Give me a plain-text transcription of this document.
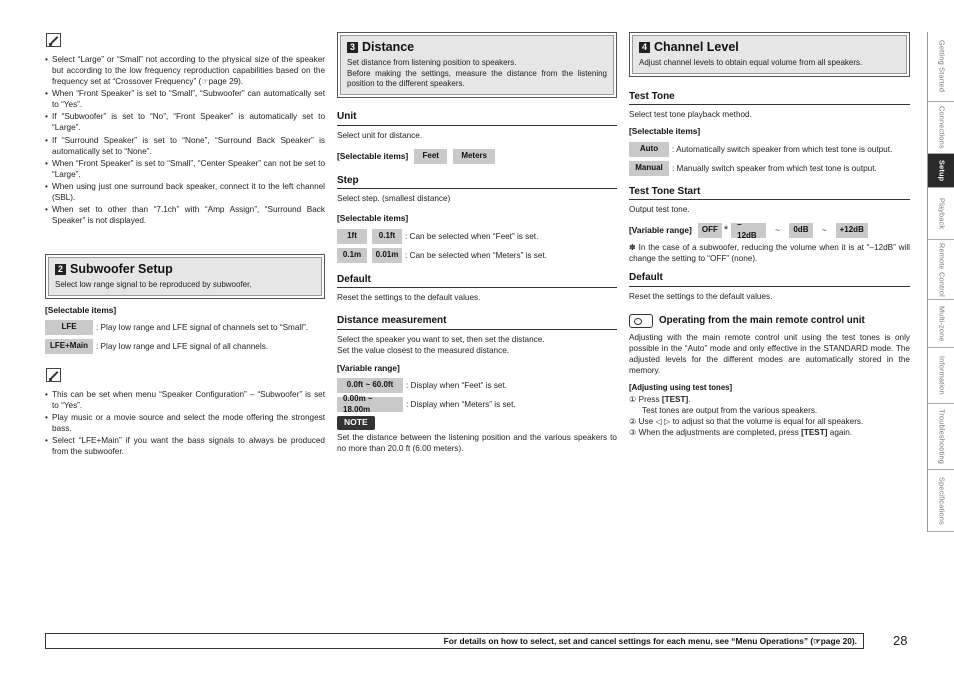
• Select “Large” or “Small” not according to the physical size of the speaker but according to the low frequency reproduction capabilities based on the frequency set at “Crossover Frequency” (☞page 29).
• When “Front Speaker” is set to “Small”, “Subwoofer” can automatically set to “Yes”.
• If “Subwoofer” is set to “No”, “Front Speaker” is automatically set to “Large”.
• If “Surround Speaker” is set to “None”, “Surround Back Speaker” is automatically set to “None”.
• When “Front Speaker” is set to “Small”, “Center Speaker” can not be set to “Large”.
• When using just one surround back speaker, connect it to the left channel (SBL).
• When set to other than “7.1ch” with “Amp Assign”, “Surround Back Speaker” is not displayed.
2 Subwoofer Setup
Select low range signal to be reproduced by subwoofer.
[Selectable items]
LFE	: Play low range and LFE signal of channels set to “Small”.
LFE+Main : Play low range and LFE signal of all channels.
• This can be set when menu “Speaker Configuration” – “Subwoofer” is set to “Yes”.
• Play music or a movie source and select the mode offering the strongest bass.
• Select “LFE+Main” if you want the bass signals to always be produced from the subwoofer.
3 Distance
Set distance from listening position to speakers.
Before making the settings, measure the distance from the listening position to the different speakers.
Unit
Select unit for distance.
[Selectable items]	Feet	Meters
Step
Select step. (smallest distance)
[Selectable items]
1ft	0.1ft	: Can be selected when “Feet” is set.
0.1m	0.01m : Can be selected when “Meters” is set.
Default
Reset the settings to the default values.
Distance measurement
Select the speaker you want to set, then set the distance.
Set the value closest to the measured distance.
[Variable range]
0.0ft ~ 60.0ft	: Display when “Feet” is set.
0.00m ~ 18.00m	: Display when “Meters” is set.
NOTE
Set the distance between the listening position and the various speakers to no more than 20.0 ft (6.00 meters).
4 Channel Level
Adjust channel levels to obtain equal volume from all speakers.
Test Tone
Select test tone playback method.
[Selectable items]
Auto	: Automatically switch speaker from which test tone is output.
Manual	: Manually switch speaker from which test tone is output.
Test Tone Start
Output test tone.
[Variable range]	OFF *	–12dB
~	0dB	~	+12dB
✽ In the case of a subwoofer, reducing the volume when it is at “–12dB” will change the setting to “OFF” (none).
Default
Reset the settings to the default values.
Operating from the main remote control unit
Adjusting with the main remote control unit using the test tones is only possible in the “Auto” mode and only effective in the STANDARD mode. The adjusted levels for the different modes are automatically stored in the memory.
[Adjusting using test tones]
① Press [TEST].
Test tones are output from the various speakers.
② Use ◁ ▷ to adjust so that the volume is equal for all speakers.
③ When the adjustments are completed, press [TEST] again.
Getting Started
Connections
Setup
Playback
Remote Control
Multi-zone
Information
Troubleshooting
Specifications
For details on how to select, set and cancel settings for each menu, see “Menu Operations” (☞page 20).	28
